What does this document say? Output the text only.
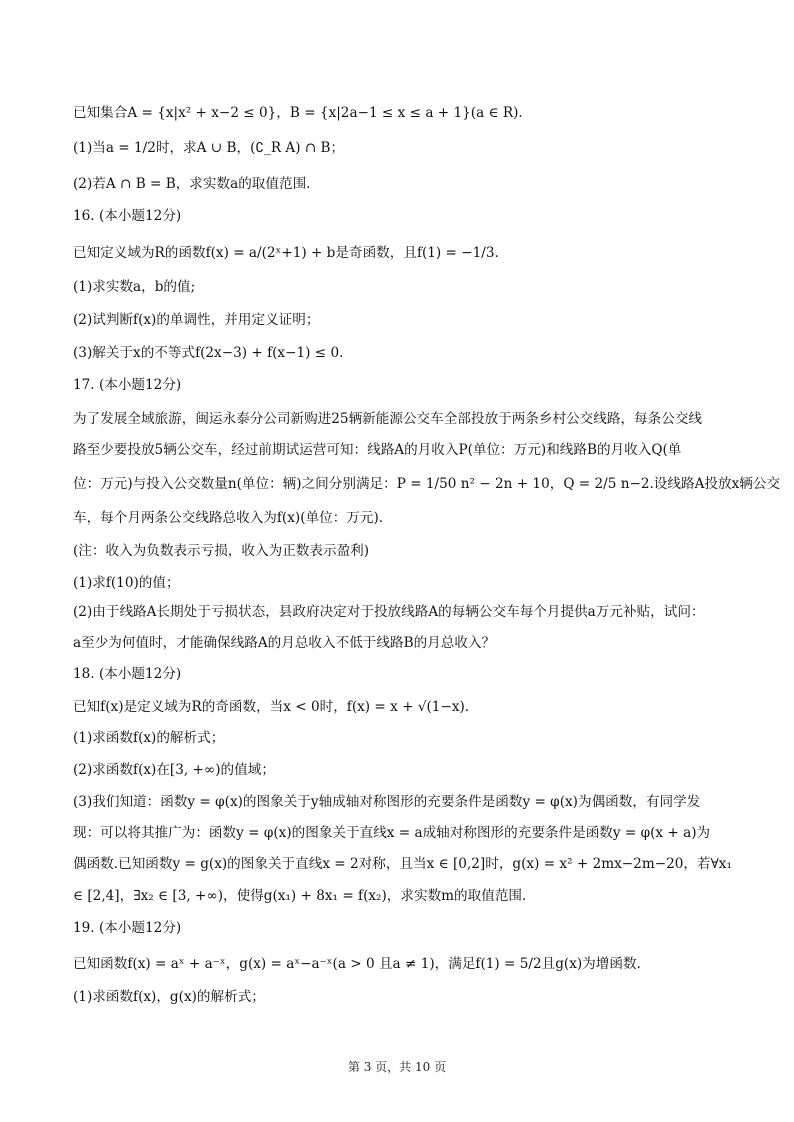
已知集合A = {x|x² + x−2 ≤ 0}，B = {x|2a−1 ≤ x ≤ a + 1}(a ∈ R).
(1)当a = 1/2时，求A ∪ B，(∁_R A) ∩ B；
(2)若A ∩ B = B，求实数a的取值范围.
16. (本小题12分)
已知定义域为R的函数f(x) = a/(2ˣ+1) + b是奇函数，且f(1) = −1/3.
(1)求实数a，b的值;
(2)试判断f(x)的单调性，并用定义证明；
(3)解关于x的不等式f(2x−3) + f(x−1) ≤ 0.
17. (本小题12分)
为了发展全域旅游，闽运永泰分公司新购进25辆新能源公交车全部投放于两条乡村公交线路，每条公交线
路至少要投放5辆公交车，经过前期试运营可知：线路A的月收入P(单位：万元)和线路B的月收入Q(单
位：万元)与投入公交数量n(单位：辆)之间分别满足：P = 1/50 n² − 2n + 10，Q = 2/5 n−2.设线路A投放x辆公交
车，每个月两条公交线路总收入为f(x)(单位：万元).
(注：收入为负数表示亏损，收入为正数表示盈利)
(1)求f(10)的值；
(2)由于线路A长期处于亏损状态，县政府决定对于投放线路A的每辆公交车每个月提供a万元补贴，试问：
a至少为何值时，才能确保线路A的月总收入不低于线路B的月总收入？
18. (本小题12分)
已知f(x)是定义域为R的奇函数，当x < 0时，f(x) = x + √(1−x).
(1)求函数f(x)的解析式；
(2)求函数f(x)在[3, +∞)的值域；
(3)我们知道：函数y = φ(x)的图象关于y轴成轴对称图形的充要条件是函数y = φ(x)为偶函数，有同学发
现：可以将其推广为：函数y = φ(x)的图象关于直线x = a成轴对称图形的充要条件是函数y = φ(x + a)为
偶函数.已知函数y = g(x)的图象关于直线x = 2对称，且当x ∈ [0,2]时，g(x) = x² + 2mx−2m−20，若∀x₁
∈ [2,4]，∃x₂ ∈ [3, +∞)，使得g(x₁) + 8x₁ = f(x₂)，求实数m的取值范围.
19. (本小题12分)
已知函数f(x) = aˣ + a⁻ˣ，g(x) = aˣ−a⁻ˣ(a > 0 且a ≠ 1)，满足f(1) = 5/2且g(x)为增函数.
(1)求函数f(x)，g(x)的解析式；
第 3 页，共 10 页
